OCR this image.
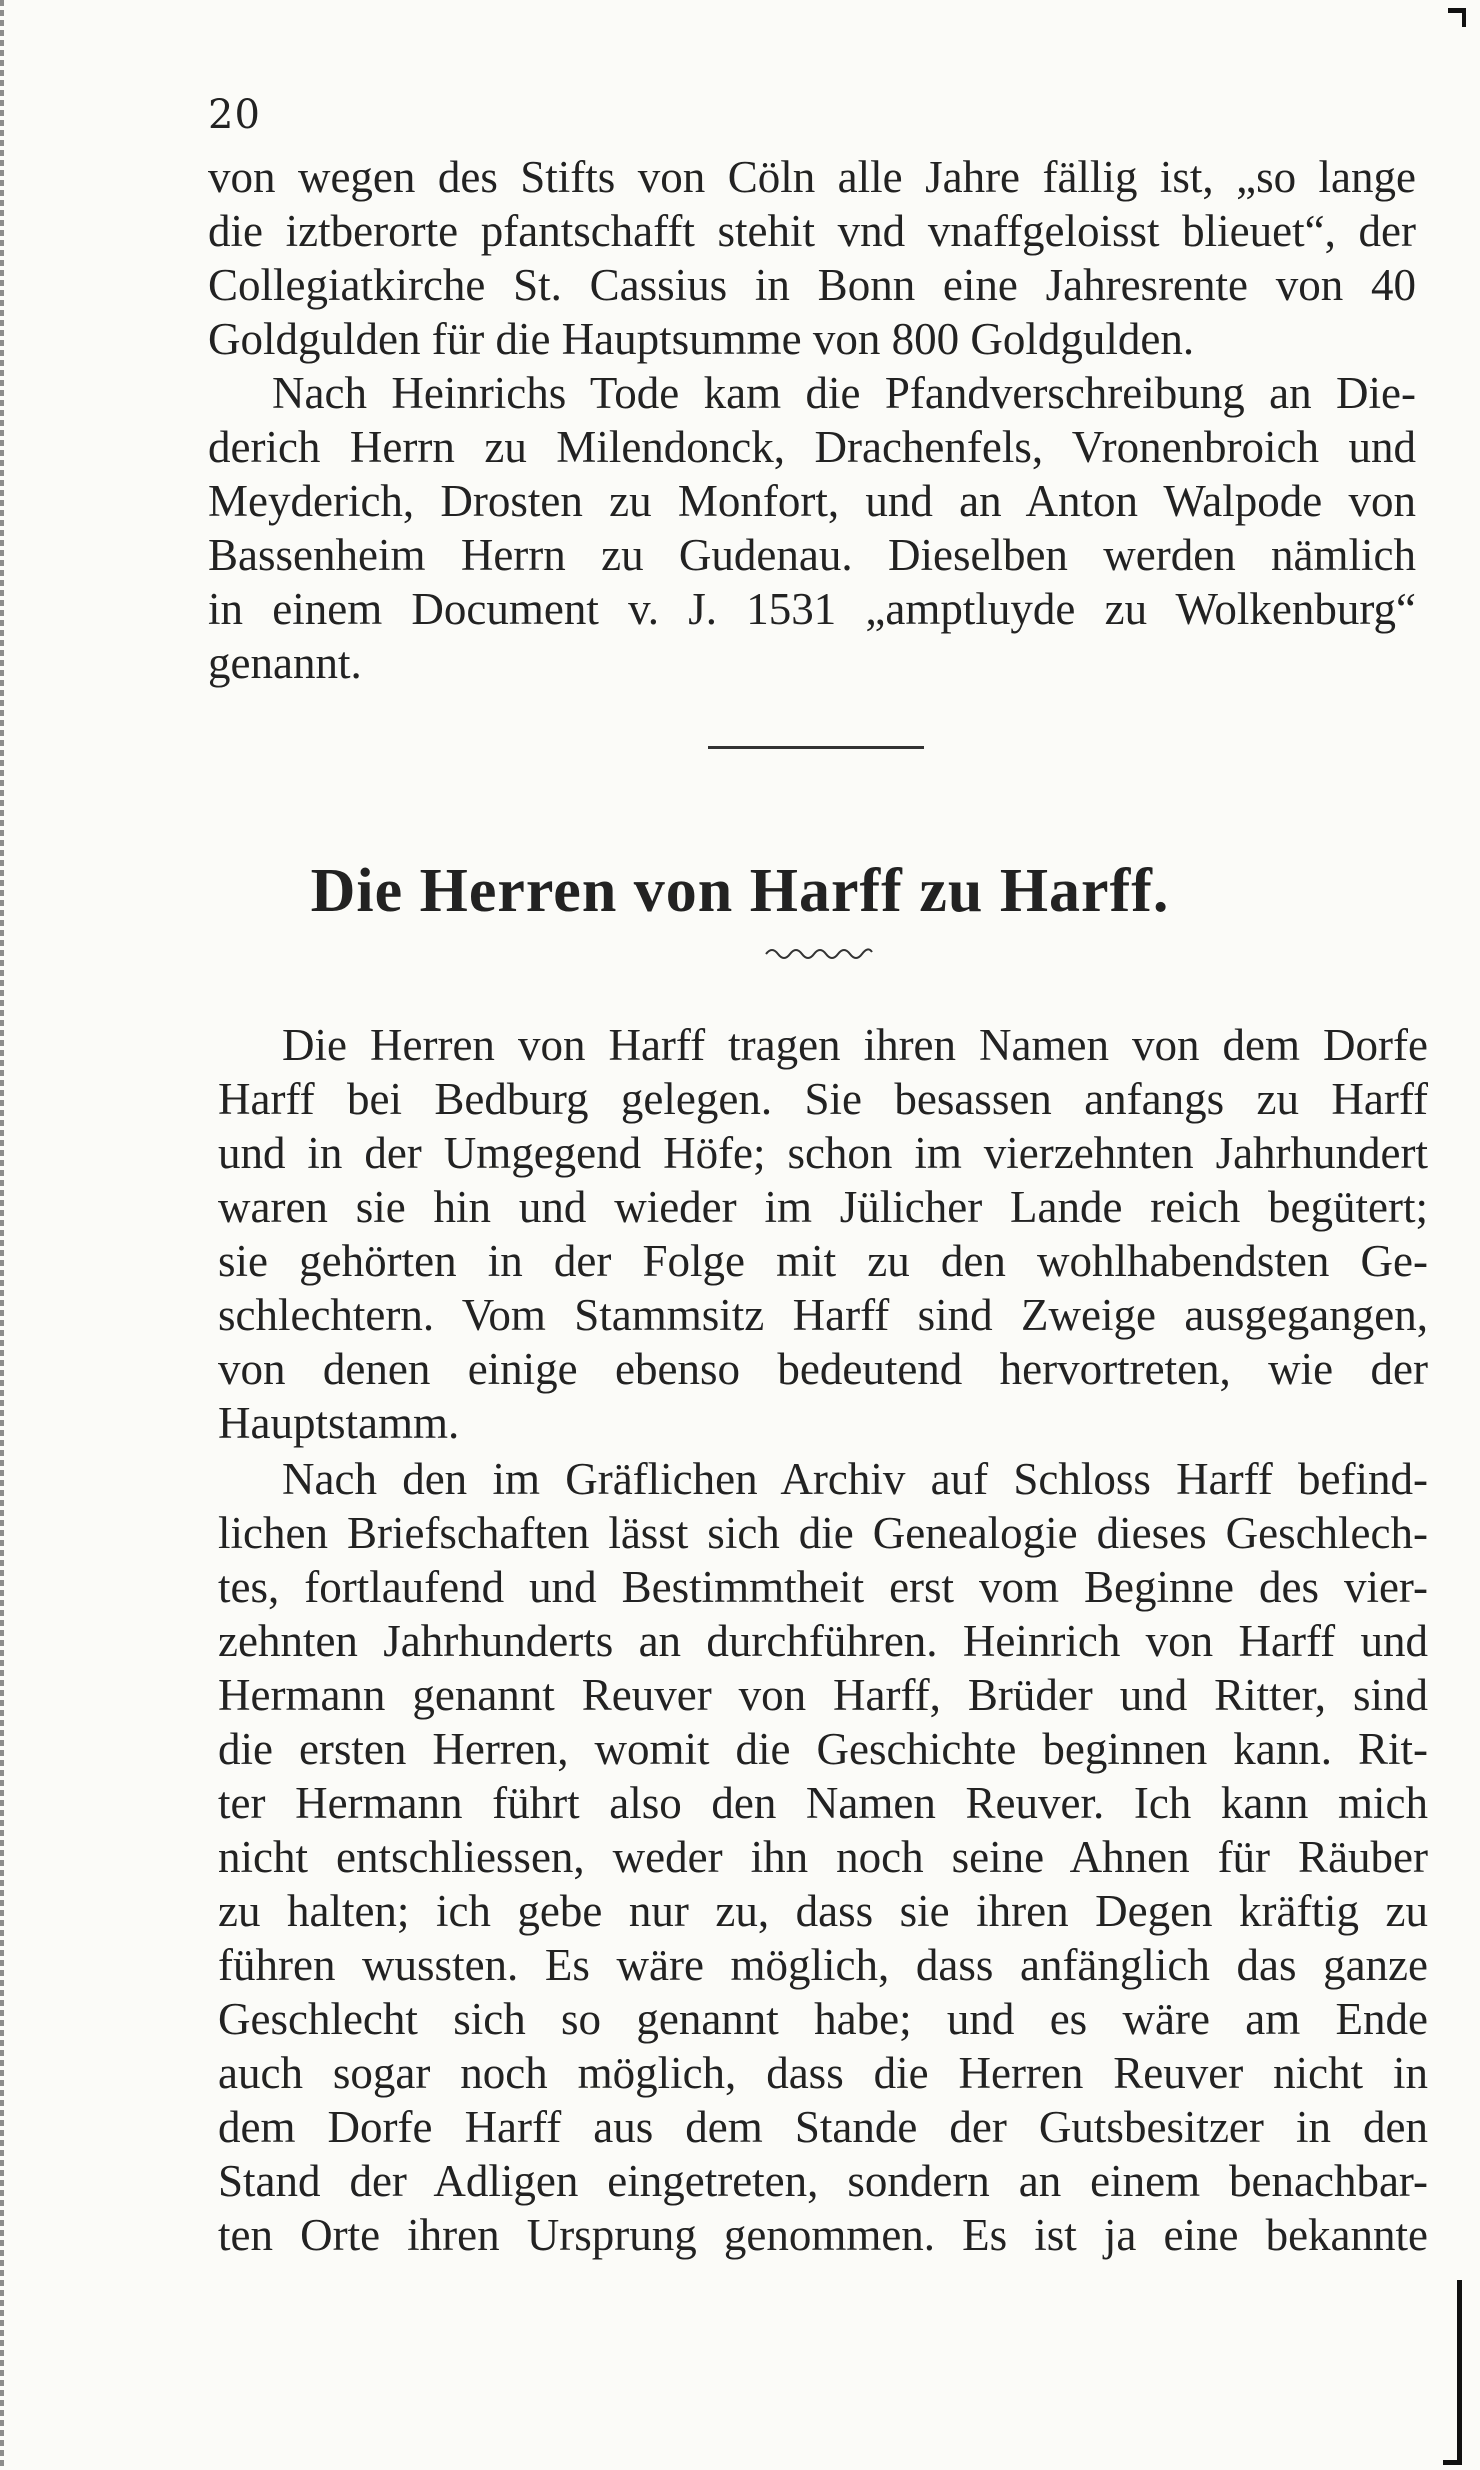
20
von wegen des Stifts von Cöln alle Jahre fällig ist, „so lange
die iztberorte pfantschafft stehit vnd vnaffgeloisst blieuet“, der
Collegiatkirche St. Cassius in Bonn eine Jahresrente von 40
Goldgulden für die Hauptsumme von 800 Goldgulden.
Nach Heinrichs Tode kam die Pfandverschreibung an Die-
derich Herrn zu Milendonck, Drachenfels, Vronenbroich und
Meyderich, Drosten zu Monfort, und an Anton Walpode von
Bassenheim Herrn zu Gudenau. Dieselben werden nämlich
in einem Document v. J. 1531 „amptluyde zu Wolkenburg“
genannt.
Die Herren von Harff zu Harff.
Die Herren von Harff tragen ihren Namen von dem Dorfe
Harff bei Bedburg gelegen. Sie besassen anfangs zu Harff
und in der Umgegend Höfe; schon im vierzehnten Jahrhundert
waren sie hin und wieder im Jülicher Lande reich begütert;
sie gehörten in der Folge mit zu den wohlhabendsten Ge-
schlechtern. Vom Stammsitz Harff sind Zweige ausgegangen,
von denen einige ebenso bedeutend hervortreten, wie der
Hauptstamm.
Nach den im Gräflichen Archiv auf Schloss Harff befind-
lichen Briefschaften lässt sich die Genealogie dieses Geschlech-
tes, fortlaufend und Bestimmtheit erst vom Beginne des vier-
zehnten Jahrhunderts an durchführen. Heinrich von Harff und
Hermann genannt Reuver von Harff, Brüder und Ritter, sind
die ersten Herren, womit die Geschichte beginnen kann. Rit-
ter Hermann führt also den Namen Reuver. Ich kann mich
nicht entschliessen, weder ihn noch seine Ahnen für Räuber
zu halten; ich gebe nur zu, dass sie ihren Degen kräftig zu
führen wussten. Es wäre möglich, dass anfänglich das ganze
Geschlecht sich so genannt habe; und es wäre am Ende
auch sogar noch möglich, dass die Herren Reuver nicht in
dem Dorfe Harff aus dem Stande der Gutsbesitzer in den
Stand der Adligen eingetreten, sondern an einem benachbar-
ten Orte ihren Ursprung genommen. Es ist ja eine bekannte
